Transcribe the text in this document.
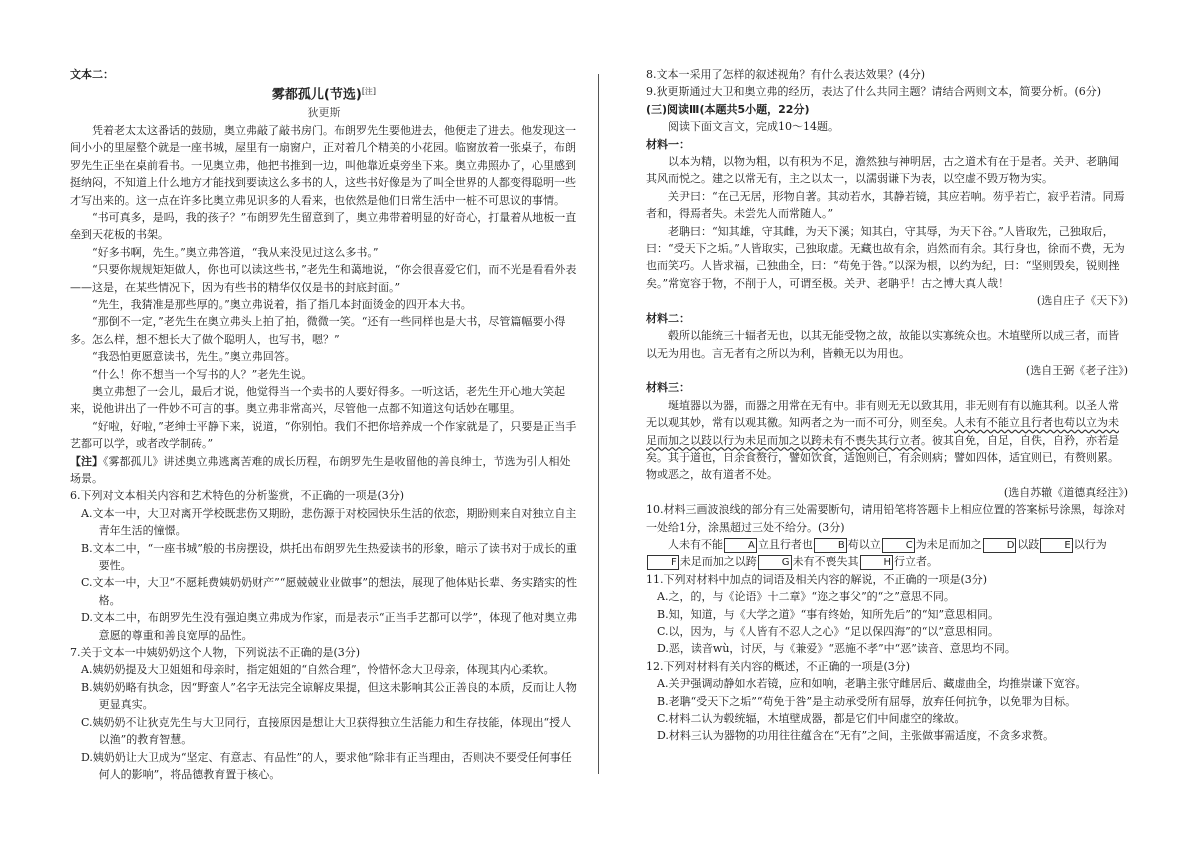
文本二：

雾都孤儿(节选)[注]

狄更斯

凭着老太太这番话的鼓励，奥立弗敲了敲书房门。布朗罗先生要他进去，他便走了进去。他发现这一间小小的里屋整个就是一座书城，屋里有一扇窗户，正对着几个精美的小花园。临窗放着一张桌子，布朗罗先生正坐在桌前看书。一见奥立弗，他把书推到一边，叫他靠近桌旁坐下来。奥立弗照办了，心里感到挺纳闷，不知道上什么地方才能找到要读这么多书的人，这些书好像是为了叫全世界的人都变得聪明一些才写出来的。这一点在许多比奥立弗见识多的人看来，也依然是他们日常生活中一桩不可思议的事情。

“书可真多，是吗，我的孩子？”布朗罗先生留意到了，奥立弗带着明显的好奇心，打量着从地板一直垒到天花板的书架。

“好多书啊，先生。”奥立弗答道，“我从来没见过这么多书。”

“只要你规规矩矩做人，你也可以读这些书，”老先生和蔼地说，“你会很喜爱它们，而不光是看看外表——这是，在某些情况下，因为有些书的精华仅仅是书的封底封面。”

“先生，我猜准是那些厚的。”奥立弗说着，指了指几本封面烫金的四开本大书。

“那倒不一定，”老先生在奥立弗头上拍了拍，微微一笑。“还有一些同样也是大书，尽管篇幅要小得多。怎么样，想不想长大了做个聪明人，也写书，嗯？”

“我恐怕更愿意读书，先生。”奥立弗回答。

“什么！你不想当一个写书的人？”老先生说。

奥立弗想了一会儿，最后才说，他觉得当一个卖书的人要好得多。一听这话，老先生开心地大笑起来，说他讲出了一件妙不可言的事。奥立弗非常高兴，尽管他一点都不知道这句话妙在哪里。

“好啦，好啦，”老绅士平静下来，说道，“你别怕。我们不把你培养成一个作家就是了，只要是正当手艺都可以学，或者改学制砖。”

【注】《雾都孤儿》讲述奥立弗逃离苦难的成长历程，布朗罗先生是收留他的善良绅士，节选为引人相处场景。

6.下列对文本相关内容和艺术特色的分析鉴赏，不正确的一项是(3分)

A.文本一中，大卫对离开学校既悲伤又期盼，悲伤源于对校园快乐生活的依恋，期盼则来自对独立自主青年生活的憧憬。

B.文本二中，“一座书城”般的书房摆设，烘托出布朗罗先生热爱读书的形象，暗示了读书对于成长的重要性。

C.文本一中，大卫“不愿耗费姨奶奶财产”“愿兢兢业业做事”的想法，展现了他体贴长辈、务实踏实的性格。

D.文本二中，布朗罗先生没有强迫奥立弗成为作家，而是表示“正当手艺都可以学”，体现了他对奥立弗意愿的尊重和善良宽厚的品性。

7.关于文本一中姨奶奶这个人物，下列说法不正确的是(3分)

A.姨奶奶提及大卫姐姐和母亲时，指定姐姐的“自然合理”，怜惜怀念大卫母亲，体现其内心柔软。

B.姨奶奶略有执念，因“野蛮人”名字无法完全谅解皮果提，但这未影响其公正善良的本质，反而让人物更显真实。

C.姨奶奶不让狄克先生与大卫同行，直接原因是想让大卫获得独立生活能力和生存技能，体现出“授人以渔”的教育智慧。

D.姨奶奶让大卫成为“坚定、有意志、有品性”的人，要求他“除非有正当理由，否则决不要受任何事任何人的影响”，将品德教育置于核心。

8.文本一采用了怎样的叙述视角？有什么表达效果？(4分)

9.狄更斯通过大卫和奥立弗的经历，表达了什么共同主题？请结合两则文本，简要分析。(6分)

(三)阅读Ⅲ(本题共5小题，22分)

阅读下面文言文，完成10～14题。

材料一：

以本为精，以物为粗，以有积为不足，澹然独与神明居，古之道术有在于是者。关尹、老聃闻其风而悦之。建之以常无有，主之以太一，以濡弱谦下为表，以空虚不毁万物为实。

关尹曰：“在己无居，形物自著。其动若水，其静若镜，其应若响。芴乎若亡，寂乎若清。同焉者和，得焉者失。未尝先人而常随人。”

老聃曰：“知其雄，守其雌，为天下溪；知其白，守其辱，为天下谷。”人皆取先，己独取后，曰：“受天下之垢。”人皆取实，己独取虚。无藏也故有余，岿然而有余。其行身也，徐而不费，无为也而笑巧。人皆求福，己独曲全，曰：“苟免于咎。”以深为根，以约为纪，曰：“坚则毁矣，锐则挫矣。”常宽容于物，不削于人，可谓至极。关尹、老聃乎！古之博大真人哉！

(选自庄子《天下》)

材料二：

毂所以能统三十辐者无也，以其无能受物之故，故能以实寡统众也。木埴壁所以成三者，而皆以无为用也。言无者有之所以为利，皆赖无以为用也。

(选自王弼《老子注》)

材料三：

埏埴器以为器，而器之用常在无有中。非有则无无以致其用，非无则有有以施其利。以圣人常无以观其妙，常有以观其徼。知两者之为一而不可分，则至矣。人未有不能立且行者也苟以立为未足而加之以跂以行为未足而加之以跨未有不喪失其行立者。彼其自免，自足，自佚，自矜，亦若是矣。其于道也，日余食赘行，譬如饮食，适饱则已，有余则病；譬如四体，适宜则已，有赘则累。物或恶之，故有道者不处。

(选自苏辙《道德真经注》)

10.材料三画波浪线的部分有三处需要断句，请用铅笔将答题卡上相应位置的答案标号涂黑，每涂对一处给1分，涂黑超过三处不给分。(3分)

人未有不能	A 立且行者也	B 苟以立	C 为未足而加之	D 以跂	E 以行为F 未足而加之以跨	G 未有不喪失其	H 行立者。

11.下列对材料中加点的词语及相关内容的解说，不正确的一项是(3分)

A.之，的，与《论语》十二章》“迩之事父”的“之”意思不同。

B.知，知道，与《大学之道》“事有终始，知所先后”的“知”意思相同。

C.以，因为，与《人皆有不忍人之心》“足以保四海”的“以”意思相同。

D.恶，读音wù，讨厌，与《兼爱》“恶施不孝”中“恶”读音、意思均不同。

12.下列对材料有关内容的概述，不正确的一项是(3分)

A.关尹强调动静如水若镜，应和如响，老聃主张守雌居后、藏虚曲全，均推崇谦下宽容。

B.老聃“受天下之垢”“苟免于咎”是主动承受所有屈辱，放弃任何抗争，以免罪为目标。

C.材料二认为毂统辐，木埴壁成器，都是它们中间虚空的缘故。

D.材料三认为器物的功用往往蕴含在“无有”之间，主张做事需适度，不贪多求赘。
